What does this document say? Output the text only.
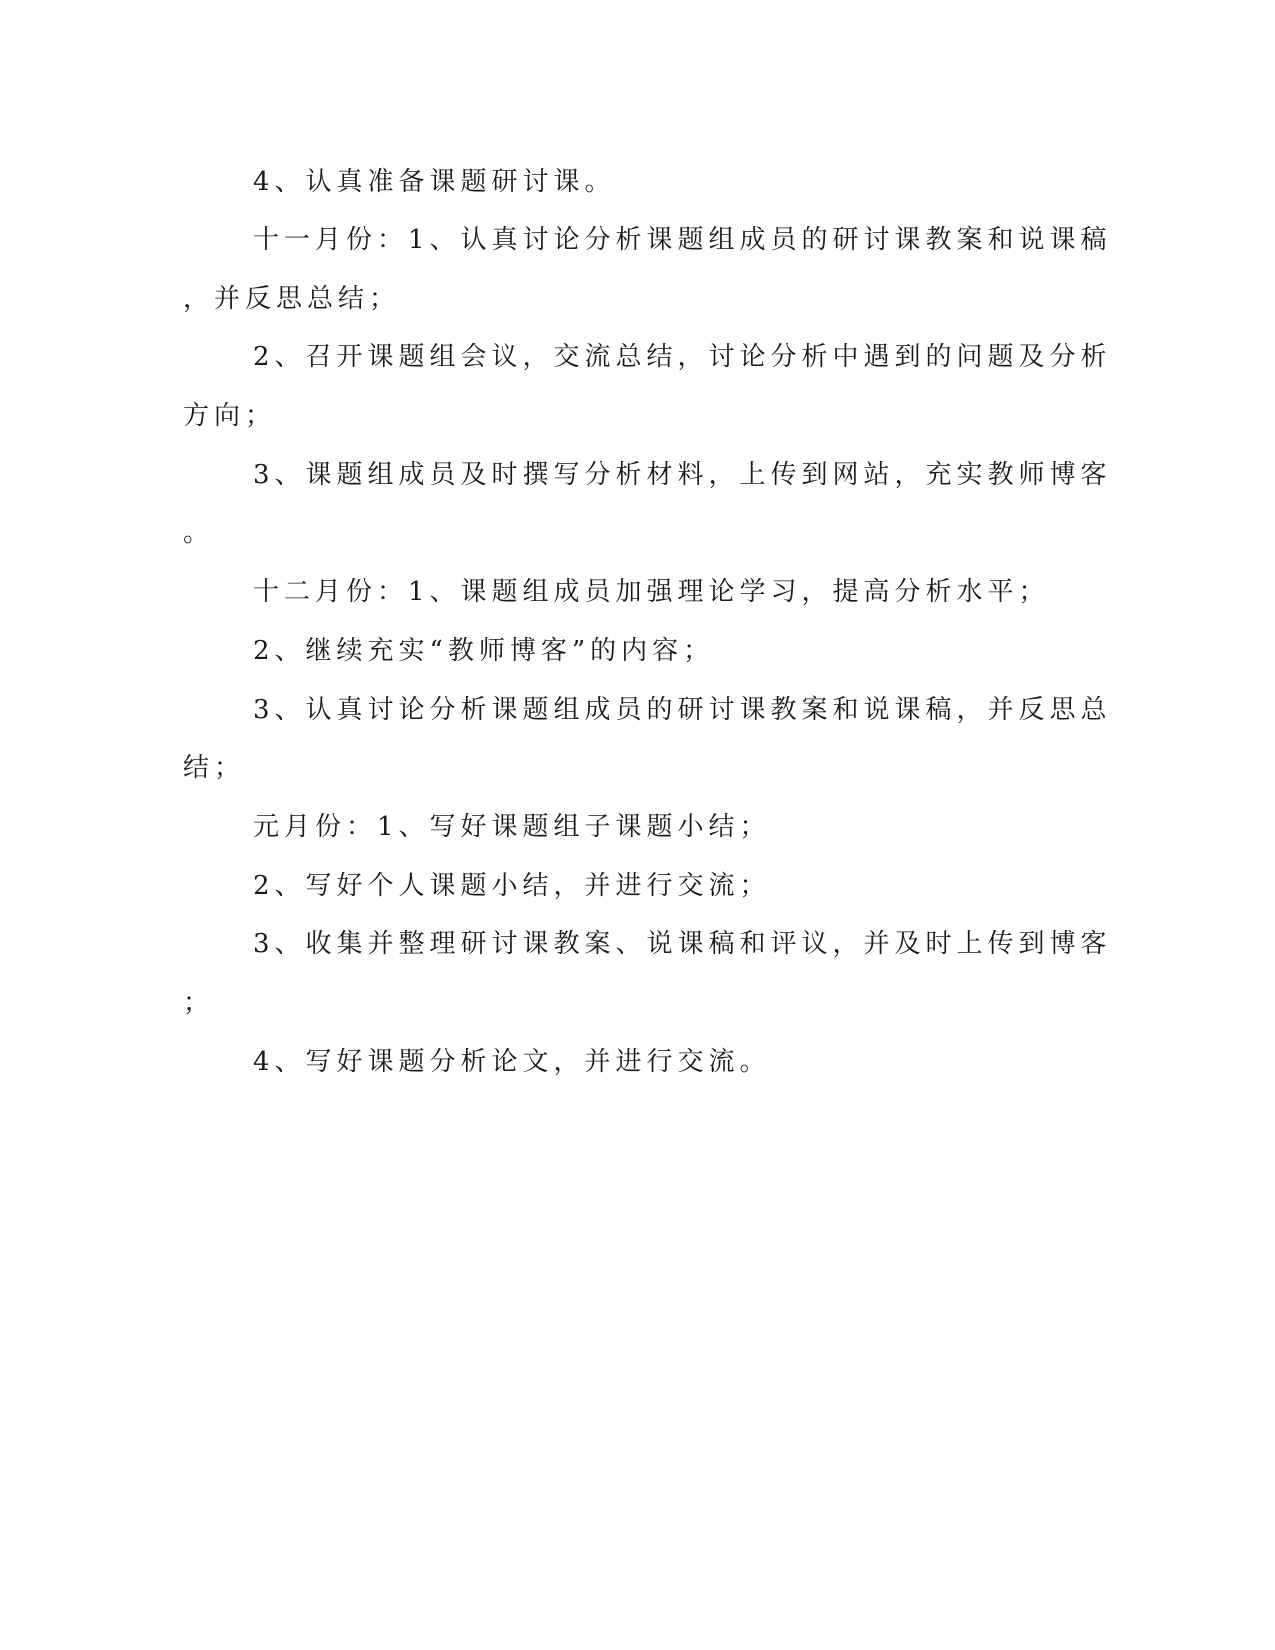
4、认真准备课题研讨课。
十一月份：1、认真讨论分析课题组成员的研讨课教案和说课稿
，并反思总结；
2、召开课题组会议，交流总结，讨论分析中遇到的问题及分析
方向；
3、课题组成员及时撰写分析材料，上传到网站，充实教师博客
。
十二月份：1、课题组成员加强理论学习，提高分析水平；
2、继续充实“教师博客”的内容；
3、认真讨论分析课题组成员的研讨课教案和说课稿，并反思总
结；
元月份：1、写好课题组子课题小结；
2、写好个人课题小结，并进行交流；
3、收集并整理研讨课教案、说课稿和评议，并及时上传到博客
；
4、写好课题分析论文，并进行交流。
